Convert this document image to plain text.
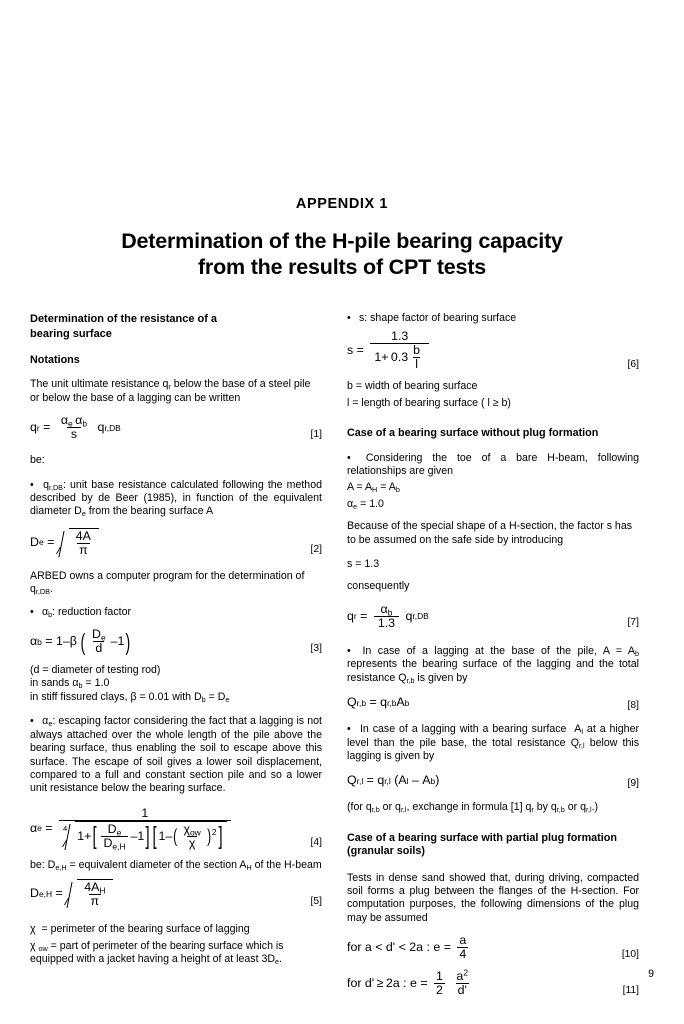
APPENDIX 1
Determination of the H-pile bearing capacity
from the results of CPT tests
Determination of the resistance of a
bearing surface
Notations

The unit ultimate resistance $q_r$ below the base of a steel pile or below the base of a lagging can be written

q $r = \frac{\alpha_e \alpha_b}{s}$ q r,DB
[1]

be:

• $q_{r,DB}$: unit base resistance calculated following the method described by de Beer (1985), in function of the equivalent diameter $D_e$ from the bearing surface A

D $e = \frac{4A}{\pi}$	[2]

ARBED owns a computer program for the determination of $q_{r,DB}$.

• $\alpha_b$: reduction factor

α b = 1–β  ( $\frac{D_e}{d} -1$ )	[3]

(d = diameter of testing rod)

in sands $\alpha_b = 1.0$

in stiff fissured clays, β = 0.01 with $D_b = D_e$

• $\alpha_e$: escaping factor considering the fact that a lagging is not always attached over the whole length of the pile above the bearing surface, thus enabling the soil to escape above this surface. The escape of soil gives a lower soil displacement, compared to a full and constant section pile and so a lower unit resistance below the bearing surface.

α e = 1
4
$1+[ \frac{D_e}{D_{e,H}} -1]$ $[1-( \frac{\chi_{ow}}{\chi} )^2]$	[4]

be: $D_{e,H}$ = equivalent diameter of the section $A_H$ of the H-beam

D $e,H = \frac{4A_H}{\pi}$	[5]

χ  = perimeter of the bearing surface of lagging

χ $_{ow}$ = part of perimeter of the bearing surface which is equipped with a jacket having a height of at least $3D_e$.

• s: shape factor of bearing surface

$s = \frac{1.3}{1+ 0.3 \frac{b}{l}}$	[6]

b = width of bearing surface

l = length of bearing surface ( l ≥ b)

Case of a bearing surface without plug formation

• Considering the toe of a bare H-beam, following relationships are given

$A = A_H = A_b$

$\alpha_e = 1.0$

Because of the special shape of a H-section, the factor s has to be assumed on the safe side by introducing

s = 1.3

consequently

q $r = \frac{\alpha_b}{1.3}$ q r,DB
[7]

• In case of a lagging at the base of the pile, $A = A_b$ represents the bearing surface of the lagging and the total resistance $Q_{r,b}$ is given by

Q r,b = q r,b A b	[8]

• In case of a lagging with a bearing surface  $A_l$ at a higher level than the pile base, the total resistance $Q_{r,l}$ below this lagging is given by

Q r,l = q r,l (A l – A b )	[9]

(for $q_{r,b}$ or $q_{r,l}$, exchange in formula [1] $q_r$ by $q_{r,b}$ or $q_{r,l}$.)

Case of a bearing surface with partial plug formation
(granular soils)

Tests in dense sand showed that, during driving, compacted soil forms a plug between the flanges of the H-section. For computation purposes, the following dimensions of the plug may be assumed

for a < d' < 2a : $e = \frac{a}{4}$	[10]
for d' ≥ 2a : $e = \frac{1}{2}$
$\frac{a^2}{d'}$	[11]
9
